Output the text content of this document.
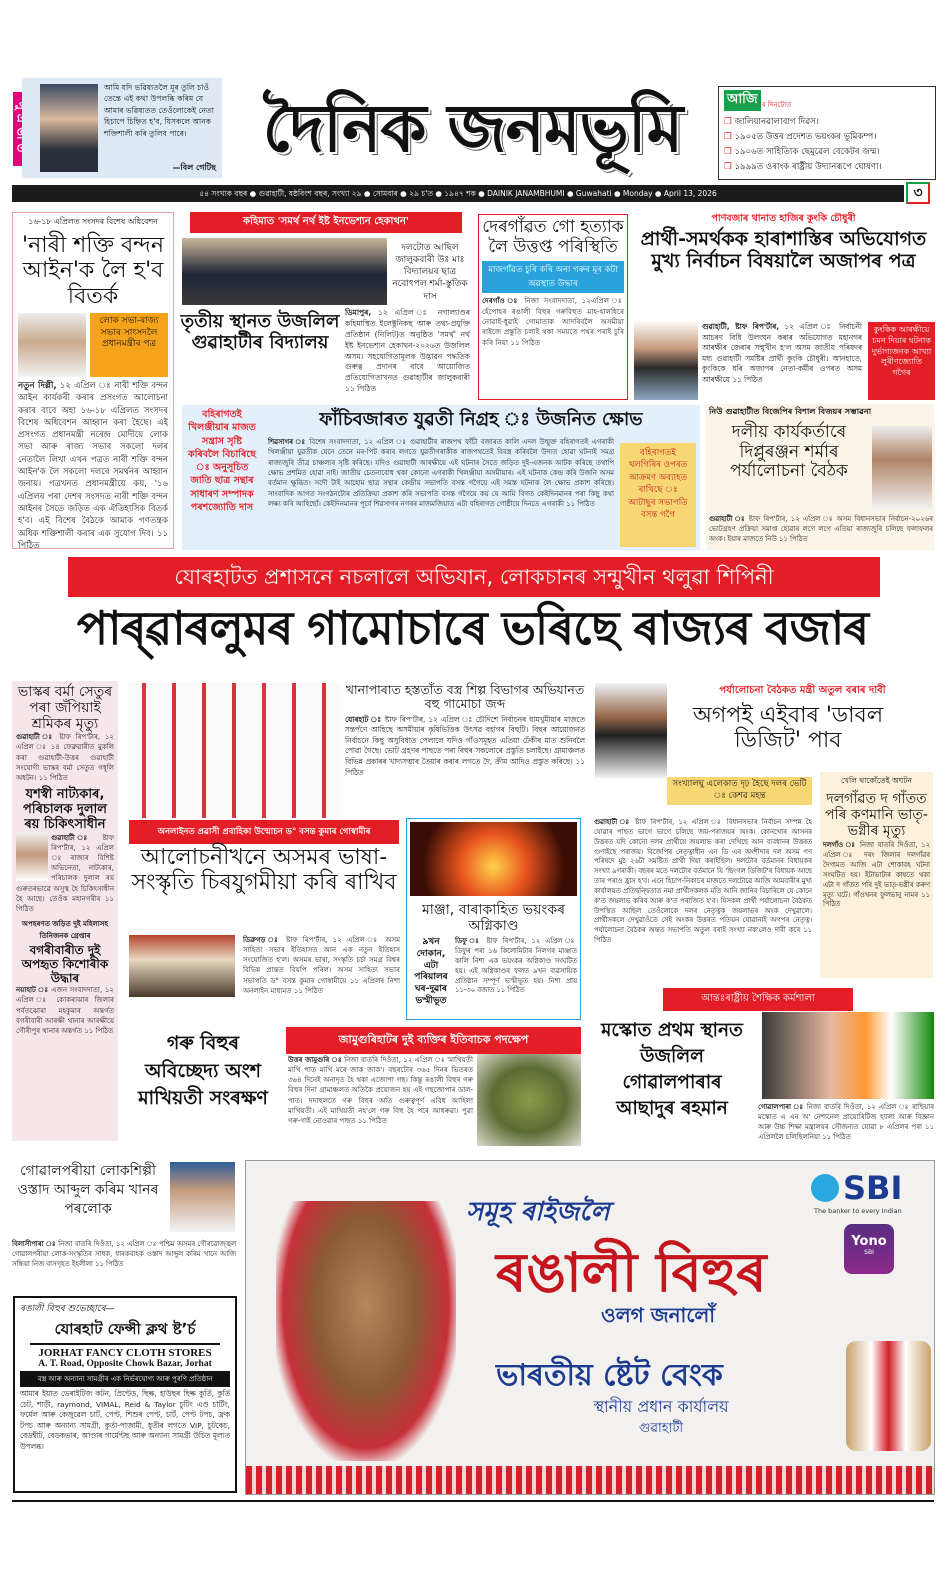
আমি যদি ভৱিষ্যতলৈ মূৰ তুলি চাওঁ তেন্তে এই কথা উপলব্ধি কৰিম যে আমাৰ ভৱিষ্যতত তেওঁলোকেই নেতা হিচাপে চিহ্নিত হ'ব, যিসকলে আনক শক্তিশালী কৰি তুলিব পাৰে।
—বিল গেটিছ
দৈনিক জনমভূমি	আজি ৰ দিনটোত
❒ জালিয়ানৱালাবাগ দিৱস।
❒ ১৯০৫ত উত্তৰ প্ৰদেশত ভয়ংকৰ ভূমিকম্প।
❒ ১৯০৬ত সাহিত্যিক ছেমুৱেল বেকেটৰ জন্ম।
❒ ১৯৯৯ত ওৰাংক ৰাষ্ট্ৰীয় উদ্যানৰূপে ঘোষণা।
৫৪ সংখ্যক বছৰ ● গুৱাহাটী, ষষ্ঠবিংশ বছৰ, সংখ্যা ২৯ ● সোমবাৰ ● ২৯ চ'ত ● ১৯৪৭ শক ● DAINIK JANAMBHUMI ● Guwahati ● Monday ● April 13, 2026	৩
১৬-১৮ এপ্ৰিলত সংসদৰ বিশেষ অধিবেশন
'নাৰী শক্তি বন্দন আইন'ক লৈ হ'ব বিতৰ্ক
লোক সভা-ৰাজ্য সভাৰ সাংসদলৈ প্ৰধানমন্ত্ৰীৰ পত্ৰ
নতুন দিল্লী, ১২ এপ্ৰিল ঃ নাৰী শক্তি বন্দন আইন কাৰ্যকৰী কৰাৰ প্ৰসংগত আলোচনা কৰাৰ বাবে অহা ১৬-১৮ এপ্ৰিলত সংসদৰ বিশেষ অধিবেশন আহ্বান কৰা হৈছে। এই প্ৰসংগত প্ৰধানমন্ত্ৰী নৰেন্দ্ৰ মোদীয়ে লোক সভা আৰু ৰাজ্য সভাৰ সকলো দলৰ নেতালৈ লিখা এখন পত্ৰত নাৰী শক্তি বন্দন আইন'ক লৈ সকলো দলৰে সমৰ্থনৰ আহ্বান জনায়। পত্ৰখনত প্ৰধানমন্ত্ৰীয়ে কয়, '১৬ এপ্ৰিলৰ পৰা দেশৰ সংসদত নাৰী শক্তি বন্দন আইনৰ সৈতে জড়িত এক ঐতিহাসিক বিতৰ্ক হ'ব। এই বিশেষ বৈঠকে আমাক গণতন্ত্ৰক অধিক শক্তিশালী কৰাৰ এক সুযোগ দিব। ১১ পিঠিত
কহিমাত 'সমৰ্থ নৰ্থ ইষ্ট ইনভেশ্যন হেকাথন'
দলটোত আছিল জালুকবাৰী উঃ মাঃ বিদ্যালয়ৰ ছাত্ৰ নবোৎপল শৰ্মা-স্তুতিক দাস
তৃতীয় স্থানত উজলিল গুৱাহাটীৰ বিদ্যালয়
ডিমাপুৰ, ১২ এপ্ৰিল ঃ নগাল্যাণ্ডৰ কহিমাস্থিত ইলেক্ট্ৰনিকছ আৰু তথ্য-প্ৰযুক্তি প্ৰতিষ্ঠান (নিলিট)ত অনুষ্ঠিত 'সমৰ্থ' নৰ্থ ইষ্ট ইনভেশ্যন হেকাথন-২০২৬ত উজলিল অসম। সহযোগিতামূলক উদ্ভাৱন পদ্ধতিক গুৰুত্ব প্ৰদানৰ বাবে আয়োজিত প্ৰতিযোগিতাখনত গুৱাহাটীৰ জালুকবাৰী ১১ পিঠিত
দেৰগাঁৱত গো হত্যাক লৈ উত্তপ্ত পৰিস্থিতি
মাজগাঁৱত চুৰি কৰি অনা গৰুৰ মূৰ কটা অৱস্থাত উদ্ধাৰ
দেৰগাঁও ঃ নিজা সংবাদদাতা, ১২এপ্ৰিল ঃ হেঁপোহৰ ৰঙালী বিহুৰ গৰুবিহুত মাহ-হালধিৰে নোৱাই-ধুৱাই গোমাতাক আদৰিবলৈ অসমীয়া ৰাইজে প্ৰস্তুতি চলাই থকা সময়তে পথৰ পৰাই চুৰি কৰি নিয়া ১১ পিঠিত
পাণবজাৰ থানাত হাজিৰ কুংকি চৌধুৰী
প্ৰাৰ্থী-সমৰ্থকক হাৰাশাস্তিৰ অভিযোগত মুখ্য নিৰ্বাচন বিষয়ালৈ অজাপৰ পত্ৰ
গুৱাহাটী, ষ্টাফ ৰিপ'ৰ্টাৰ, ১২ এপ্ৰিল ঃ নিৰ্বাচনী আচৰণ বিধি উলংঘন কৰাৰ অভিযোগত মহানগৰ আৰক্ষীৰ জেৰাৰ সন্মুখীন হ'ল অসম জাতীয় পৰিষদৰ মধ্য গুৱাহাটী সমষ্টিৰ প্ৰাৰ্থী কুংকি চৌধুৰী। আনহাতে, কুংকিকে ধৰি অজাপৰ নেতা-কৰ্মীৰ ওপৰত অসম আৰক্ষীয়ে ১১ পিঠিত
কুংকিক আৰক্ষীয়ে চমন দিয়াৰ ঘটনাক দুৰ্ভাগ্যজনক আখ্যা লুৰীণজ্যোতি গগৈৰ
বহিৰাগতই খিলঞ্জীয়াৰ মাজত সন্ত্ৰাস সৃষ্টি কৰিবলৈ বিচাৰিছে ঃ অনুসূচিত জাতি ছাত্ৰ সন্থাৰ সাধাৰণ সম্পাদক পৰশজ্যোতি দাস
ফাঁচিবজাৰত যুৱতী নিগ্ৰহ ঃ উজনিত ক্ষোভ
শিৱসাগৰ ঃ বিশেষ সংবাদদাতা, ১২ এপ্ৰিল ঃ গুৱাহাটীৰ ৰাজপথ ফাঁচী বজাৰত কালি এদল উন্মুক্ত বহিৰাগতই এগৰাকী খিলঞ্জীয়া যুৱতীক যেনে তেনে মৰ-পিট কৰাৰ লগতে যুৱতীগৰাকীক ৰাজপথতেই বিবস্ত্ৰ কৰিবলৈ উদ্যত হোৱা ঘটনাই সমগ্ৰ ৰাজ্যজুৰি তীব্ৰ চাঞ্চল্যৰ সৃষ্টি কৰিছে। যদিও গুৱাহাটী আৰক্ষীয়ে এই ঘটনাৰ সৈতে জড়িত দুই-এজনক আটক কৰিছে তথাপি ক্ষোভ প্ৰশমিত হোৱা নাই। জাতীয় চেতনাবোধ থকা কোনো এগৰাকী খিলঞ্জীয়া অসমীয়াৰ। এই ঘটনাক কেন্দ্ৰ কৰি উজনি অসম বৰ্তমান ক্ষুব্ধিত। সদৌ টাই আহোম ছাত্ৰ সন্থাৰ কেন্দ্ৰীয় সভাপতি বসন্ত গগৈয়ে এই সমস্ত ঘটনাক লৈ ক্ষোভ প্ৰকাশ কৰিছে। সাংবাদিক আগত সংগঠনটোৰ প্ৰতিক্ৰিয়া প্ৰকাশ কৰি সভাপতি বসন্ত গগৈয়ে কয় যে আমি বিগত কেইদিনমানৰ পৰা কিছু কথা লক্ষ্য কৰি আহিছোঁ। কেইদিনমানৰ পূৰ্বে শিৱসাগৰ নগৰৰ মাজমজিয়াত এটা বহিৰাগত গোষ্ঠীয়ে দিনতে এগৰাকী ১১ পিঠিত
বহিৰাগতই থলগিৰিৰ ওপৰত আক্ৰমণ অব্যাহত ৰাখিছে ঃ আটাছুৰ সভাপতি বসন্ত গগৈ
নিউ গুৱাহাটীত বিজেপিৰ বিশাল বিজয়ৰ সম্ভাৱনা
দলীয় কাৰ্যকৰ্তাৰে দিপ্লুৰঞ্জন শৰ্মাৰ পৰ্যালোচনা বৈঠক
গুৱাহাটী ঃ ষ্টাফ ৰিপ'ৰ্টাৰ, ১২ এপ্ৰিল ঃ অসম বিধানসভাৰ নিৰ্বাচন-২০২৬ৰ ভোটগ্ৰহণ প্ৰক্ৰিয়া সমাপ্ত হোৱাৰ লগে লগে এতিয়া ৰাজ্যজুৰি চলিছে ফলাফলৰ অংক। ইয়াৰ মাজতে নিউ ১১ পিঠিত
যোৰহাটত প্ৰশাসনে নচলালে অভিযান, লোকচানৰ সন্মুখীন থলুৱা শিপিনী
পাৰ্‌ৱাৰলুমৰ গামোচাৰে ভৰিছে ৰাজ্যৰ বজাৰ
ভাস্কৰ বৰ্মা সেতুৰ পৰা জঁপিয়াই শ্ৰমিকৰ মৃত্যু
গুৱাহাটী ঃ ষ্টাফ ৰিপ'ৰ্টাৰ, ১২ এপ্ৰিল ঃ ১৪ ফেব্ৰুৱাৰীত মুকলি কৰা গুৱাহাটী-উত্তৰ গুৱাহাটী সংযোগী ভাস্কৰ বৰ্মা সেতুত গধূলি অধটন। ১১ পিঠিত
যশস্বী নাট্যকাৰ, পৰিচালক দুলাল ৰয় চিকিৎসাধীন
গুৱাহাটী ঃ ষ্টাফ ৰিপ'ৰ্টাৰ, ১২ এপ্ৰিল ঃ ৰাজ্যৰ বিশিষ্ট অভিনেতা, নাট্যকাৰ, পৰিচালক দুলাল ৰয় গুৰুতৰভাৱে অসুস্থ হৈ চিকিৎসাধীন হৈ আছে। তেওঁক মহানগৰীৰ ১১ পিঠিত
অপহৰণত জড়িত দুই মহিলাসহ তিনিজনক গ্ৰেপ্তাৰ
বগৰীবাৰীত দুই অপহৃত কিশোৰীক উদ্ধাৰ
নয়াহাট ঃ এজন সংবাদদাতা, ১২ এপ্ৰিল ঃ কোকৰাঝাৰ জিলাৰ পৰ্বতঝোৰা মহকুমাৰ অন্তৰ্গত বগৰীবাৰী আৰক্ষী থানাৰ আৰক্ষীয়ে গৌৰীপুৰ থানাৰ অন্তৰ্গত ১১ পিঠিত
খানাপাৰাত হস্ততাঁত বস্ত্ৰ শিল্প বিভাগৰ অভিযানত বহু গামোচা জব্দ
যোৰহাট ঃ ষ্টাফ ৰিপ'ৰ্টাৰ, ১২ এপ্ৰিল ঃ চৌদিশে নিৰ্বাচনৰ ধামখুমীয়াৰ মাজতে সন্তৰ্পণে আহিছে অসমীয়াৰ কৃষিভিত্তিক উৎসৱ বহাগৰ বিহুটি। বিহুৰ আয়োজনত নিৰ্বাচনে কিছু অসুবিধাত পেলালে যদিও গাঁওসমূহত এতিয়া ঢেঁকীৰ মাত শুনিবলৈ পোৱা গৈছে। ভোট গ্ৰহণৰ পাছতে পৰা বিহুৰ সকলোৰে প্ৰস্তুতি চলাইছে। গ্ৰামাঞ্চলত বিভিন্ন প্ৰকাৰৰ খাদ্যসম্ভাৰ তৈয়াৰ কৰাৰ লগতে দৈ, ক্ৰীম আদিও প্ৰস্তুত কৰিছে। ১১ পিঠিত
অনলাইনত প্ৰৱাসী প্ৰবাহিকা উন্মোচন ড° বসন্ত কুমাৰ গোস্বামীৰ
আলোচনীখনে অসমৰ ভাষা-সংস্কৃতি চিৰযুগমীয়া কৰি ৰাখিব
ডিব্ৰুগড় ঃ ষ্টাফ ৰিপ'ৰ্টাৰ, ১২ এপ্ৰিল ঃ অসম সাহিত্য সভাৰ ইতিহাসত আন এক নতুন ইতিহাস সংযোজিত হ'ল। অসমৰ ভাষা, সংস্কৃতি চৰ্চা সমগ্ৰ বিশ্বৰ বিভিন্ন প্ৰান্তত বিয়পি পৰিল। অসম সাহিত্য সভাৰ সভাপতি ড° বসন্ত কুমাৰ গোস্বামীয়ে ১১ এপ্ৰিলৰ নিশা অনলাইন মাধ্যমত ১১ পিঠিত
মাঞ্জা, বাৰাকাহিত ভয়ংকৰ অগ্নিকাণ্ড
৯খন দোকান, এটা পৰিয়ালৰ ঘৰ-দুৱাৰ ভস্মীভূত
ডিফু ঃ ষ্টাফ ৰিপ'ৰ্টাৰ, ১২ এপ্ৰিল ঃ ডিফুৰ পৰা ১৬ কিলোমিটাৰ নিলগৰ মাঞ্জাত কালি নিশা এক ভয়ংকৰ অগ্নিকাণ্ড সংঘটিত হয়। এই অগ্নিকাণ্ডৰ ফলত ৯খন ব্যৱসায়িক প্ৰতিষ্ঠান সম্পূৰ্ণ ভস্মীভূত হয়। নিশা প্ৰায় ১১-৩০ বজাত ১১ পিঠিত
পৰ্যালোচনা বৈঠকত মন্ত্ৰী অতুল বৰাৰ দাবী
অগপই এইবাৰ 'ডাবল ডিজিট' পাব
সংখ্যালঘু এলেকাত দৃঢ় হৈছে দলৰ ভেটি ঃ কেশৱ মহন্ত
গুৱাহাটী ঃ ষ্টাফ ৰিপ'ৰ্টাৰ, ১২ এপ্ৰিল ঃ বিধানসভাৰ নিৰ্বাচন সম্পন্ন হৈ যোৱাৰ পাছত ভাগে ভাগে চলিছে জয়-পৰাজয়ৰ অংক। কোনখোৰ আসনৰ উত্তৰত যদি কোনো দলৰ প্ৰাৰ্থীয়ে জয়লাভ কৰা দেখিছে আন ব্যবধানৰ উত্তৰত গুণাইছে পৰাজয়। বিজেপিৰ নেতৃত্বাধীন এন ডি এৰ অংশীদাৰ দল অসম গণ পৰিষদে মুঠ ২৬টা সমষ্টিত প্ৰাৰ্থী দিয়া কৰাইছিল। দলটোৰ বৰ্তমানৰ বিধায়কৰ সংখ্যা ৯গৰাকী। বছৰৰ মতে দলটোৰ বৰ্তমানে যি 'ছিংগল ডিজিট'ৰ বিধায়ক আছে তাৰ পৰাও হ্ৰাস হ'ব। এনে হিচাপ-নিকাচৰ মাজতে দলটোৱে আজি আমবাৰীৰ মুখ্য কাৰ্যালয়ত প্ৰতিদ্বন্দ্বিতাত নমা প্ৰাৰ্থীসকলক মতি আনি জানিব বিচাৰিলে যে কোনে ক'ত জয়লাভ কৰিব আৰু ক'ত পৰাজিত হ'ব। যিসকল প্ৰাৰ্থী পৰ্যালোচনা বৈঠকত উপস্থিত আছিল তেওঁলোকে দলৰ নেতৃত্বক জয়লাভৰ অংক দেখুৱালে। প্ৰাৰ্থীসকলে দেখুৱাওঁতে সেই অংকৰ উত্তৰত পতিয়ন যোৱানাই অগপৰ নেতৃত্ব। পৰ্যালোচনা বৈঠকৰ অন্তত সভাপতি অতুল বৰাই সংখ্যা নক'লেও দাবী কৰে ১১ পিঠিত
খেলি থাকোঁতেই অঘটন
দলগাঁৱত দ গাঁতত পৰি কণমানি ভাতৃ-ভগ্নীৰ মৃত্যু
দলগাঁও ঃ নিজা বাতৰি দিওঁতা, ১২ এপ্ৰিল ঃ দৰং জিলাৰ দলগাঁৱৰ দৈপামত আজি এটা শোকাবহ ঘটনা সংঘটিত হয়। ইটাভাটাৰ কাষতে থকা এটা দ গাঁতত পৰি দুই ভাতৃ-ভগ্নীৰ কৰুণ মৃত্যু ঘটে। গাঁওখনৰ ফুলভানু নামৰ ১১ পিঠিত
আন্তঃৰাষ্ট্ৰীয় শৈক্ষিক কৰ্মশালা
মস্কোত প্ৰথম স্থানত উজলিল গোৱালপাৰাৰ আছাদুৰ ৰহমান	গোৱালপাৰা ঃ নিজা বাতৰি দিওঁতা, ১২ এপ্ৰিল ঃ ৰাছিয়াৰ মস্কোত এ এন অ' নেশ্যনেল প্ৰায়োৰিটিজ হ্যালা আৰু বিজ্ঞান আৰু উচ্চ শিক্ষা মন্ত্ৰালয়ৰ সৌজন্যত যোৱা ৮ এপ্ৰিলৰ পৰা ১১ এপ্ৰিললৈ চলিছিলনিয়া ১১ পিঠিত
গৰু বিহুৰ অবিচ্ছেদ্য অংশ মাখিয়তী সংৰক্ষণ
জামুগুৰিহাটৰ দুই ব্যক্তিৰ ইতিবাচক পদক্ষেপ
উত্তৰ জামুগুৰি ঃ নিজা বাতৰি দিওঁতা, ১২ এপ্ৰিল ঃ 'মাখিয়তী মাখি পাত মাখি মৰে জাক জাক'। বছৰটোৰ ৩৬৫ দিনৰ ভিতৰত ৩৬৪ দিনেই অনাদৃত হৈ থকা এজোপা গছ। কিন্তু ৰঙালী বিহুৰ গৰু বিহুৰ দিনা গ্ৰামাঞ্চলত অতিকৈ প্ৰয়োজন হয় এই গছজোপাৰ ডাল-পাত। দদাহুলতে গৰু বিহুৰ অতি গুৰুত্বপূৰ্ণ এবিধ আহিলা মাখিয়তী। এই মাখিয়তী নহ'লে গৰু বিহু হৈ পৰে আধৰুৱা। পুৱা গৰু-গাই নোওৱাৰ পাছত ১১ পিঠিত
গোৱালপৰীয়া লোকশিল্পী ওস্তাদ আব্দুল কৰিম খানৰ পৰলোক
বিলাসীপাৰা ঃ নিজা বাতৰি দিওঁতা, ১২ এপ্ৰিল ঃ পশ্চিম অসমৰ গৌৰৱোজ্জ্বল গোৱালপৰীয়া লোক-সংস্কৃতিৰ সাধক, ধাৰকবাহক ওস্তাদ আব্দুল কৰিম খানে আজি সন্ধিয়া নিজ বাসগৃহত ইহলীলা ১১ পিঠিত
ৰঙালী বিহুৰ শুভেচ্ছাৰে—
যোৰহাট ফেন্সী ক্লথ ষ্টʼৰ্চ
JORHAT FANCY CLOTH STORES
A. T. Road, Opposite Chowk Bazar, Jorhat
বস্ত্ৰ আৰু অন্যান্য সামগ্ৰীৰ এক নিৰ্ভৰযোগ্য আৰু পুৰণি প্ৰতিষ্ঠান
আমাৰ ইয়াত ভেৰাইটিজ কটন, প্ৰিণ্টেড, ছিল্ক, হাউছৰ ছিল্ক কুৰ্তি, কুৰ্তি চেট, শাড়ী, raymond, VIMAL, Reid & Taylor চুটিং এণ্ড চাৰ্টিং, ফৰ্মেল আৰু কেজুৱেল চাৰ্ট, পেণ্ট, শিশুৰ পেণ্ট, চাৰ্ট, পেণ্ট টপচ, ফ্ৰক টপচ আৰু অন্যান্য সামগ্ৰী, কুৰ্তা-পাজামী, ধুতীৰ লগতে VIP, চুটকেচ, বেডশ্বীট, বেডকভাৰ, আণ্ডাৰ গাৰ্মেণ্টছ আৰু অন্যান্য সামগ্ৰী উচিত মূল্যত উপলব্ধ।
সমূহ ৰাইজলৈ
ৰঙালী বিহুৰ
ওলগ জনালোঁ
ভাৰতীয় ষ্টেট বেংক
স্থানীয় প্ৰধান কাৰ্যালয়
গুৱাহাটী
SBI
The banker to every Indian
Yono
SBI
